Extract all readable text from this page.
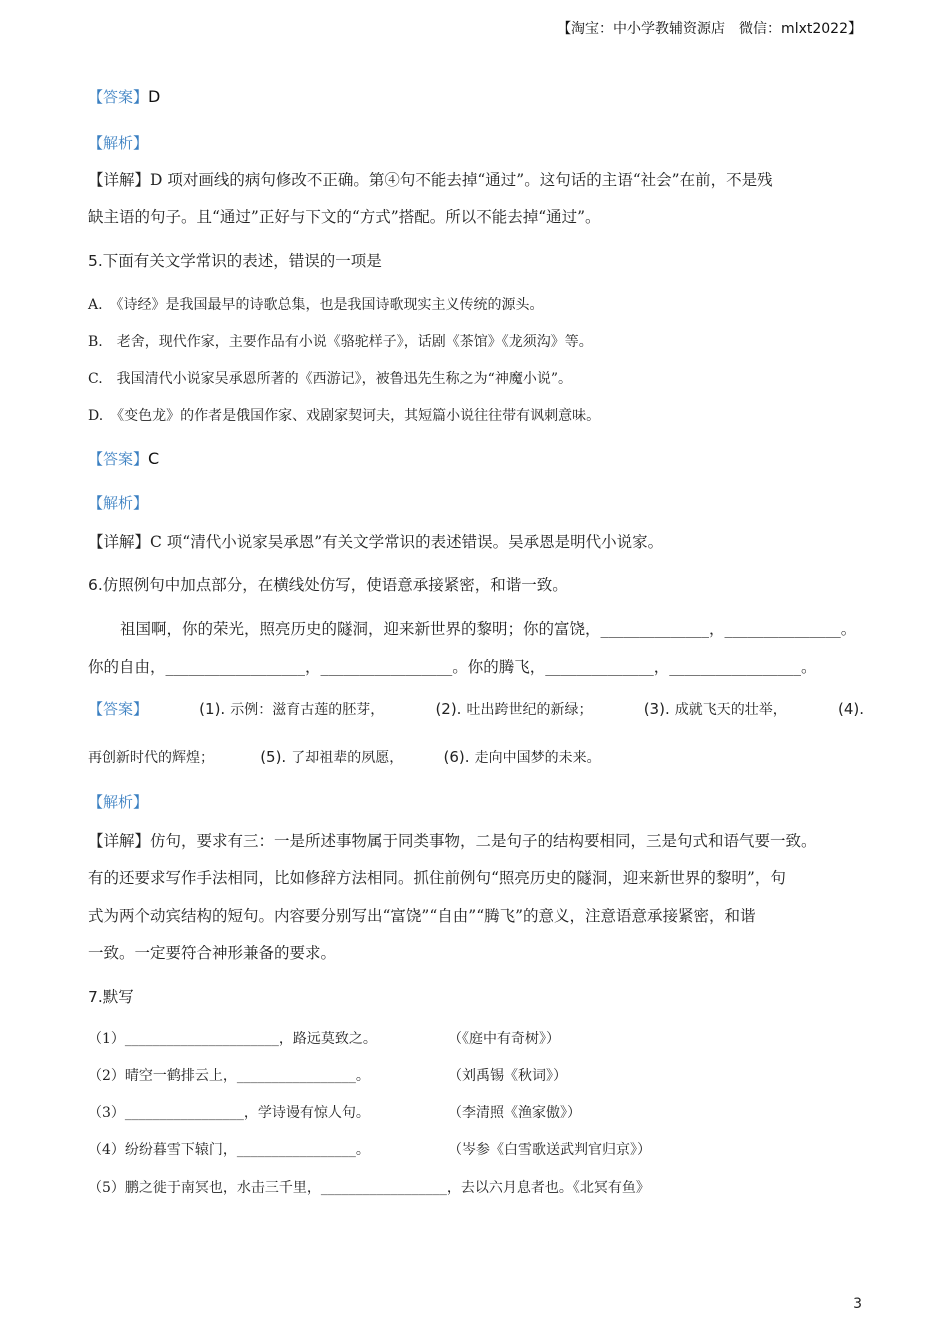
【淘宝：中小学教辅资源店　微信：mlxt2022】
【答案】D
【解析】
【详解】D 项对画线的病句修改不正确。第④句不能去掉“通过”。这句话的主语“社会”在前，不是残
缺主语的句子。且“通过”正好与下文的“方式”搭配。所以不能去掉“通过”。
5.下面有关文学常识的表述，错误的一项是
A.　《诗经》是我国最早的诗歌总集，也是我国诗歌现实主义传统的源头。
B.　老舍，现代作家，主要作品有小说《骆驼样子》，话剧《茶馆》《龙须沟》等。
C.　我国清代小说家吴承恩所著的《西游记》，被鲁迅先生称之为“神魔小说”。
D.　《变色龙》的作者是俄国作家、戏剧家契诃夫，其短篇小说往往带有讽刺意味。
【答案】C
【解析】
【详解】C 项“清代小说家吴承恩”有关文学常识的表述错误。吴承恩是明代小说家。
6.仿照例句中加点部分，在横线处仿写，使语意承接紧密，和谐一致。
祖国啊，你的荣光，照亮历史的隧洞，迎来新世界的黎明；你的富饶，______________，_______________。
你的自由，__________________，_________________。你的腾飞，______________，_________________。
【答案】	(1). 示例：滋育古莲的胚芽，	(2). 吐出跨世纪的新绿；	(3). 成就飞天的壮举，	(4).
再创新时代的辉煌；	(5). 了却祖辈的夙愿，	(6). 走向中国梦的未来。
【解析】
【详解】仿句，要求有三：一是所述事物属于同类事物，二是句子的结构要相同，三是句式和语气要一致。
有的还要求写作手法相同，比如修辞方法相同。抓住前例句“照亮历史的隧洞，迎来新世界的黎明”，句
式为两个动宾结构的短句。内容要分别写出“富饶”“自由”“腾飞”的意义，注意语意承接紧密，和谐
一致。一定要符合神形兼备的要求。
7.默写
（1）______________________，路远莫致之。	（《庭中有奇树》）
（2）晴空一鹤排云上，_________________。	（刘禹锡《秋词》）
（3）_________________，学诗谩有惊人句。	（李清照《渔家傲》）
（4）纷纷暮雪下辕门，_________________。	（岑参《白雪歌送武判官归京》）
（5）鹏之徙于南冥也，水击三千里，__________________，去以六月息者也。《北冥有鱼》
3
